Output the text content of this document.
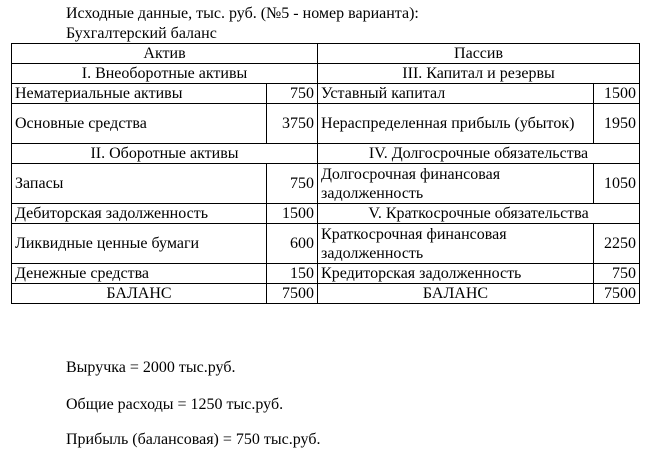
Исходные данные, тыс. руб. (№5 - номер варианта):
Бухгалтерский баланс
Актив		Пассив	
I. Внеоборотные активы		III. Капитал и резервы	
Нематериальные активы	750	Уставный капитал	1500
Основные средства	3750	Нераспределенная прибыль (убыток)	1950
II. Оборотные активы		IV. Долгосрочные обязательства	
Запасы	750	Долгосрочная финансовая задолженность	1050
Дебиторская задолженность	1500	V. Краткосрочные обязательства	
Ликвидные ценные бумаги	600	Краткосрочная финансовая задолженность	2250
Денежные средства	150	Кредиторская задолженность	750
БАЛАНС	7500	БАЛАНС	7500
Выручка = 2000 тыс.руб.
Общие расходы = 1250 тыс.руб.
Прибыль (балансовая) = 750 тыс.руб.
